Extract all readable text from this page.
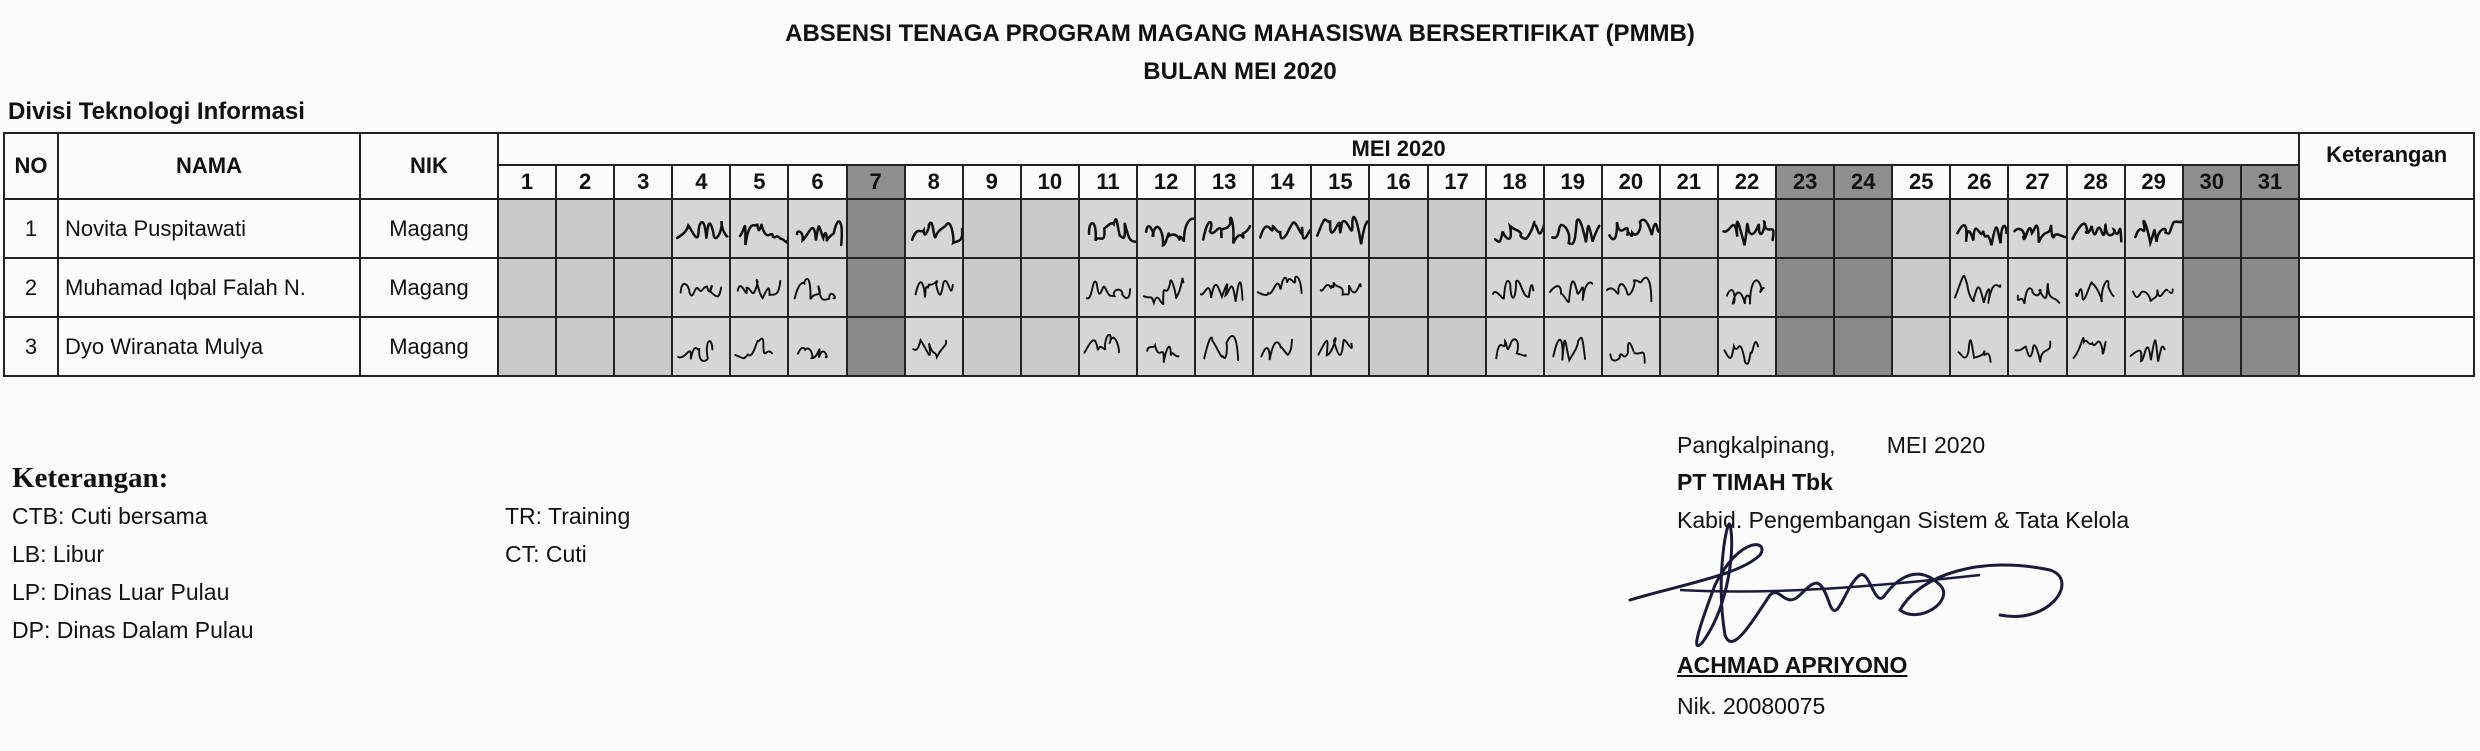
ABSENSI TENAGA PROGRAM MAGANG MAHASISWA BERSERTIFIKAT (PMMB)
BULAN MEI 2020
Divisi Teknologi Informasi
NO	NAMA	NIK	MEI 2020																															Keterangan
			1	2	3	4	5	6	7	8	9	10	11	12	13	14	15	16	17	18	19	20	21	22	23	24	25	26	27	28	29	30	31	
1	Novita Puspitawati	Magang				

2	Muhamad Iqbal Falah N.	Magang				

3	Dyo Wiranata Mulya	Magang				

Keterangan:
CTB: Cuti bersama
LB: Libur
LP: Dinas Luar Pulau
DP: Dinas Dalam Pulau
TR: Training
CT: Cuti
Pangkalpinang,        MEI 2020
PT TIMAH Tbk
Kabid. Pengembangan Sistem & Tata Kelola
ACHMAD APRIYONO
Nik. 20080075
